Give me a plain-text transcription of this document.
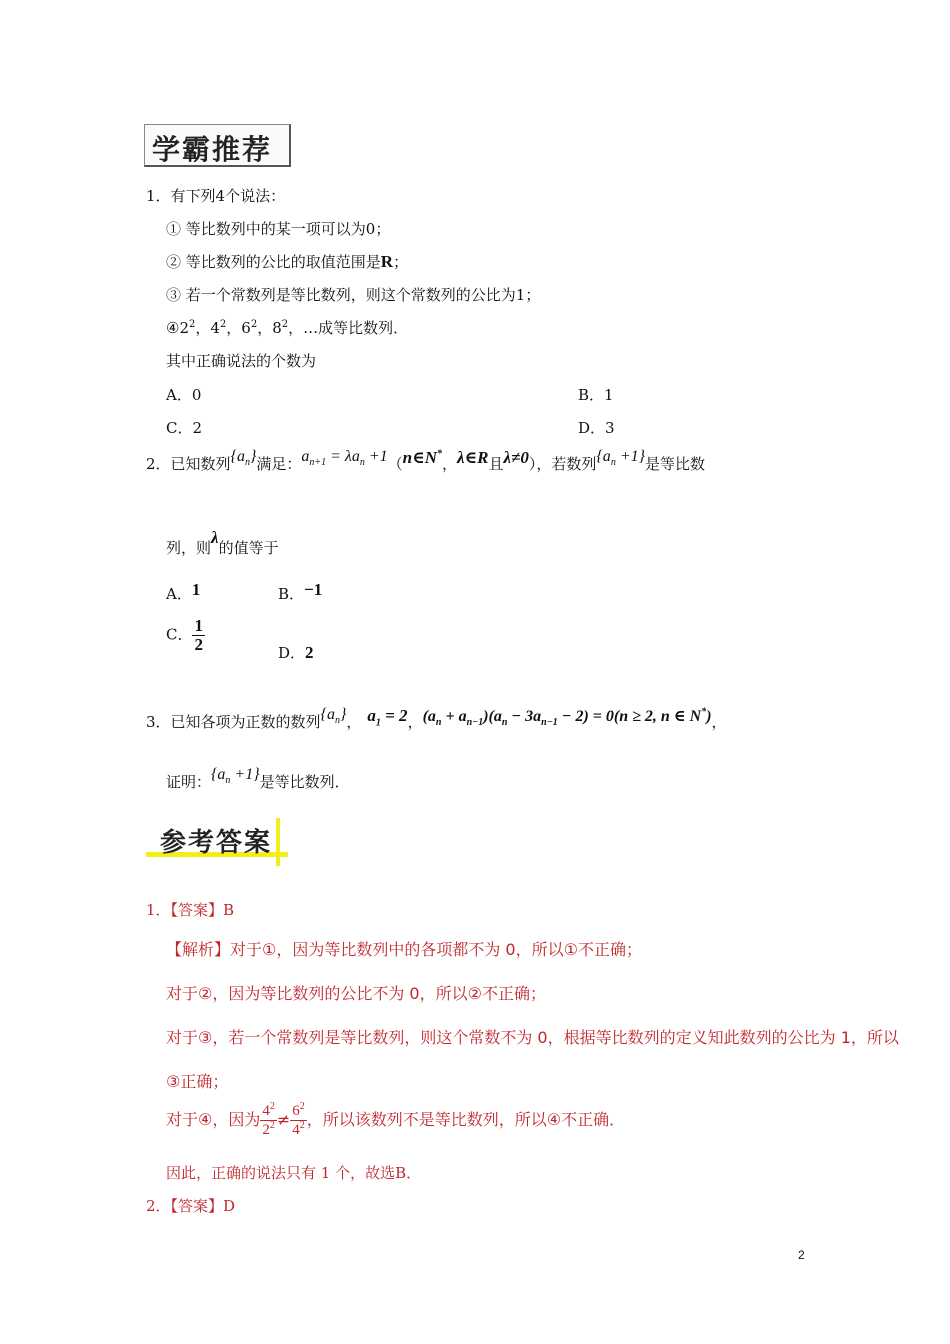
学霸推荐
1．有下列4个说法：
① 等比数列中的某一项可以为0；
② 等比数列的公比的取值范围是R；
③ 若一个常数列是等比数列，则这个常数列的公比为1；
$④2^2$，$4^2$，$6^2$，$8^2$，…成等比数列．
其中正确说法的个数为
A．0	B．1
C．2	D．3
2．已知数列$\{a_n\}$满足：$a_{n+1} = \lambda a_n$ +1（n∈N*，λ∈R且λ≠0），若数列$\{a_n +1\}$是等比数
列，则λ的值等于
A．1	B．−1
C． $\frac{1}{2}$	D．2
3．已知各项为正数的数列$\{a_n\}$， $a_1 = 2$，$(a_n + a_{n-1})(a_n - 3a_{n-1} - 2) = 0(n \ge 2$, n ∈ N*)，
证明：$\{a_n +1\}$是等比数列．
参考答案
1．【答案】B
【解析】对于①，因为等比数列中的各项都不为 0，所以①不正确；
对于②，因为等比数列的公比不为 0，所以②不正确；
对于③，若一个常数列是等比数列，则这个常数不为 0，根据等比数列的定义知此数列的公比为 1，所以
③正确；
对于④，因为 $\frac{4^2}{2^2} \ne \frac{6^2}{4^2}$ ，所以该数列不是等比数列，所以④不正确．
因此，正确的说法只有 1 个，故选B．
2．【答案】D
2
